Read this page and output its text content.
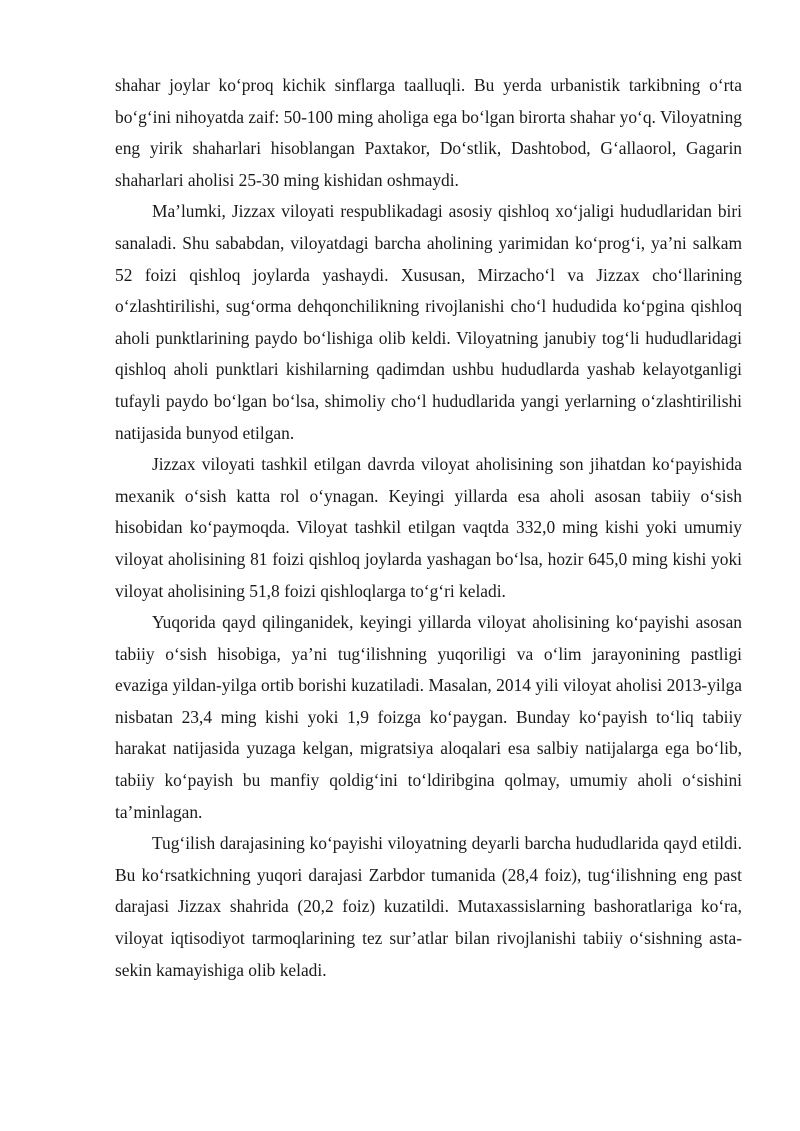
shahar joylar ko‘proq kichik sinflarga taalluqli. Bu yerda urbanistik tarkibning o‘rta bo‘g‘ini nihoyatda zaif: 50-100 ming aholiga ega bo‘lgan birorta shahar yo‘q. Viloyatning eng yirik shaharlari hisoblangan Paxtakor, Do‘stlik, Dashtobod, G‘allaorol, Gagarin shaharlari aholisi 25-30 ming kishidan oshmaydi.

Ma’lumki, Jizzax viloyati respublikadagi asosiy qishloq xo‘jaligi hududlaridan biri sanaladi. Shu sababdan, viloyatdagi barcha aholining yarimidan ko‘prog‘i, ya’ni salkam 52 foizi qishloq joylarda yashaydi. Xususan, Mirzacho‘l va Jizzax cho‘llarining o‘zlashtirilishi, sug‘orma dehqonchilikning rivojlanishi cho‘l hududida ko‘pgina qishloq aholi punktlarining paydo bo‘lishiga olib keldi. Viloyatning janubiy tog‘li hududlaridagi qishloq aholi punktlari kishilarning qadimdan ushbu hududlarda yashab kelayotganligi tufayli paydo bo‘lgan bo‘lsa, shimoliy cho‘l hududlarida yangi yerlarning o‘zlashtirilishi natijasida bunyod etilgan.

Jizzax viloyati tashkil etilgan davrda viloyat aholisining son jihatdan ko‘payishida mexanik o‘sish katta rol o‘ynagan. Keyingi yillarda esa aholi asosan tabiiy o‘sish hisobidan ko‘paymoqda. Viloyat tashkil etilgan vaqtda 332,0 ming kishi yoki umumiy viloyat aholisining 81 foizi qishloq joylarda yashagan bo‘lsa, hozir 645,0 ming kishi yoki viloyat aholisining 51,8 foizi qishloqlarga to‘g‘ri keladi.

Yuqorida qayd qilinganidek, keyingi yillarda viloyat aholisining ko‘payishi asosan tabiiy o‘sish hisobiga, ya’ni tug‘ilishning yuqoriligi va o‘lim jarayonining pastligi evaziga yildan-yilga ortib borishi kuzatiladi. Masalan, 2014 yili viloyat aholisi 2013-yilga nisbatan 23,4 ming kishi yoki 1,9 foizga ko‘paygan. Bunday ko‘payish to‘liq tabiiy harakat natijasida yuzaga kelgan, migratsiya aloqalari esa salbiy natijalarga ega bo‘lib, tabiiy ko‘payish bu manfiy qoldig‘ini to‘ldiribgina qolmay, umumiy aholi o‘sishini ta’minlagan.

Tug‘ilish darajasining ko‘payishi viloyatning deyarli barcha hududlarida qayd etildi. Bu ko‘rsatkichning yuqori darajasi Zarbdor tumanida (28,4 foiz), tug‘ilishning eng past darajasi Jizzax shahrida (20,2 foiz) kuzatildi. Mutaxassislarning bashoratlariga ko‘ra, viloyat iqtisodiyot tarmoqlarining tez sur’atlar bilan rivojlanishi tabiiy o‘sishning asta-sekin kamayishiga olib keladi.
